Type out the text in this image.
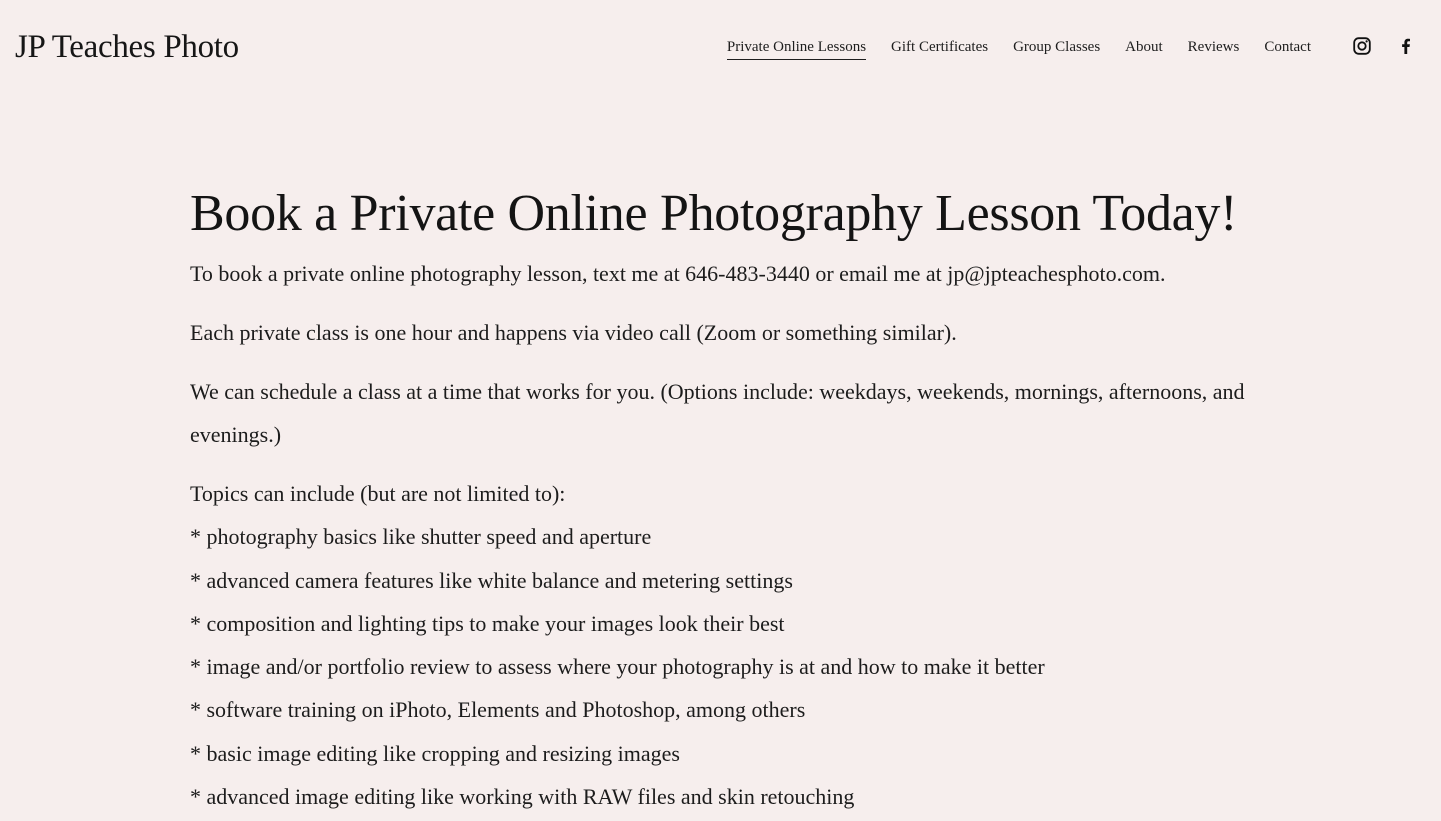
JP Teaches Photo	Private Online Lessons Gift Certificates Group Classes About Reviews Contact
Book a Private Online Photography Lesson Today!

To book a private online photography lesson, text me at 646-483-3440 or email me at jp@jpteachesphoto.com.

Each private class is one hour and happens via video call (Zoom or something similar).

We can schedule a class at a time that works for you. (Options include: weekdays, weekends, mornings, afternoons, and evenings.)

Topics can include (but are not limited to):
* photography basics like shutter speed and aperture
* advanced camera features like white balance and metering settings
* composition and lighting tips to make your images look their best
* image and/or portfolio review to assess where your photography is at and how to make it better
* software training on iPhoto, Elements and Photoshop, among others
* basic image editing like cropping and resizing images
* advanced image editing like working with RAW files and skin retouching
